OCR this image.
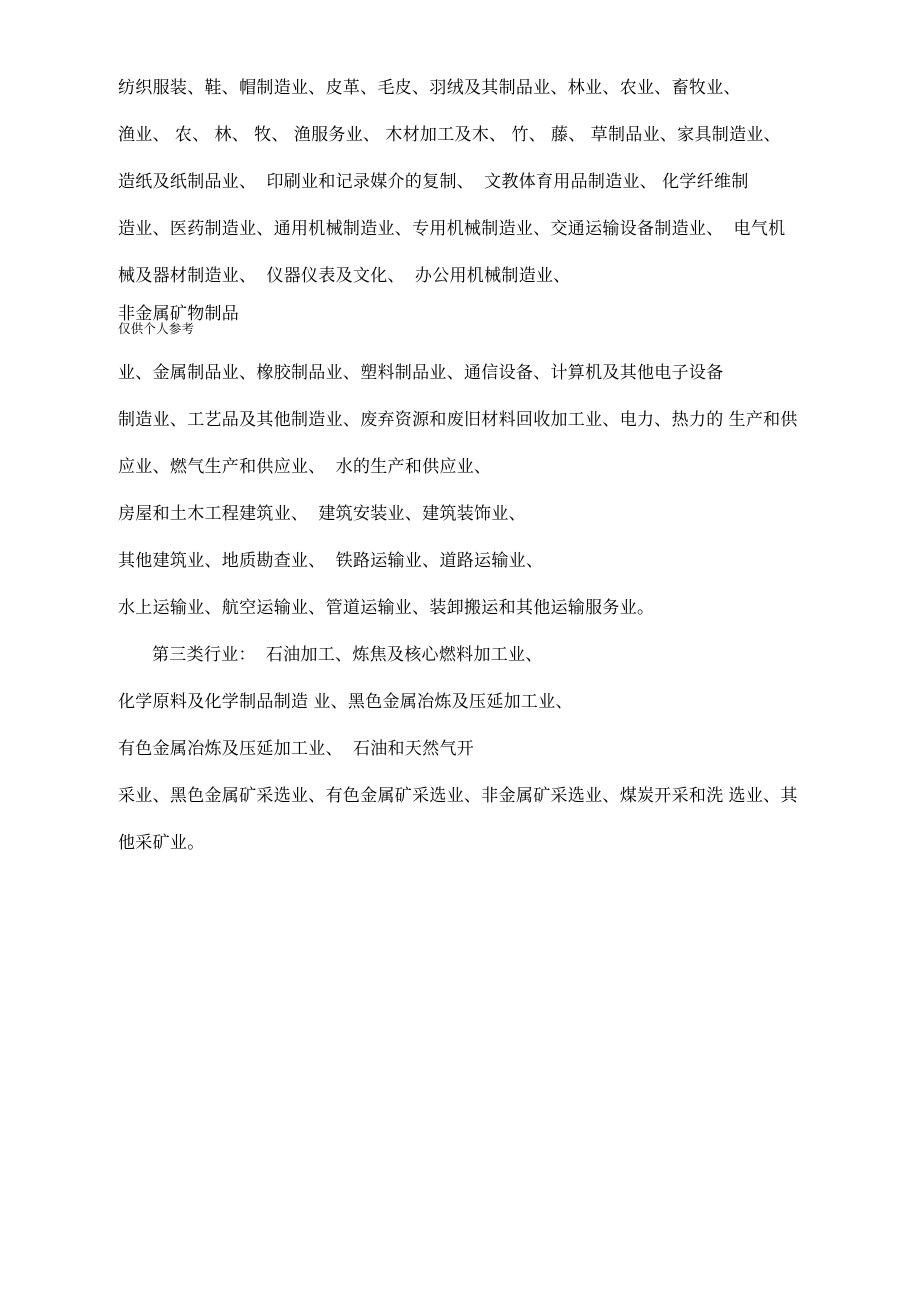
纺织服装、鞋、帽制造业、皮革、毛皮、羽绒及其制品业、林业、农业、畜牧业、
渔业、 农、 林、 牧、 渔服务业、 木材加工及木、 竹、 藤、 草制品业、家具制造业、  造纸及纸制品业、  印刷业和记录媒介的复制、  文教体育用品制造业、 化学纤维制
造业、医药制造业、通用机械制造业、专用机械制造业、交通运输设备制造业、  电气机械及器材制造业、  仪器仪表及文化、  办公用机械制造业、
非金属矿物制品
仅供个人参考
业、金属制品业、橡胶制品业、塑料制品业、通信设备、计算机及其他电子设备
制造业、工艺品及其他制造业、废弃资源和废旧材料回收加工业、电力、热力的 生产和供应业、燃气生产和供应业、  水的生产和供应业、
房屋和土木工程建筑业、  建筑安装业、建筑装饰业、
其他建筑业、地质勘查业、  铁路运输业、道路运输业、
水上运输业、航空运输业、管道运输业、装卸搬运和其他运输服务业。
第三类行业：  石油加工、炼焦及核心燃料加工业、
化学原料及化学制品制造 业、黑色金属冶炼及压延加工业、
有色金属冶炼及压延加工业、  石油和天然气开
采业、黑色金属矿采选业、有色金属矿采选业、非金属矿采选业、煤炭开采和洗 选业、其他采矿业。
